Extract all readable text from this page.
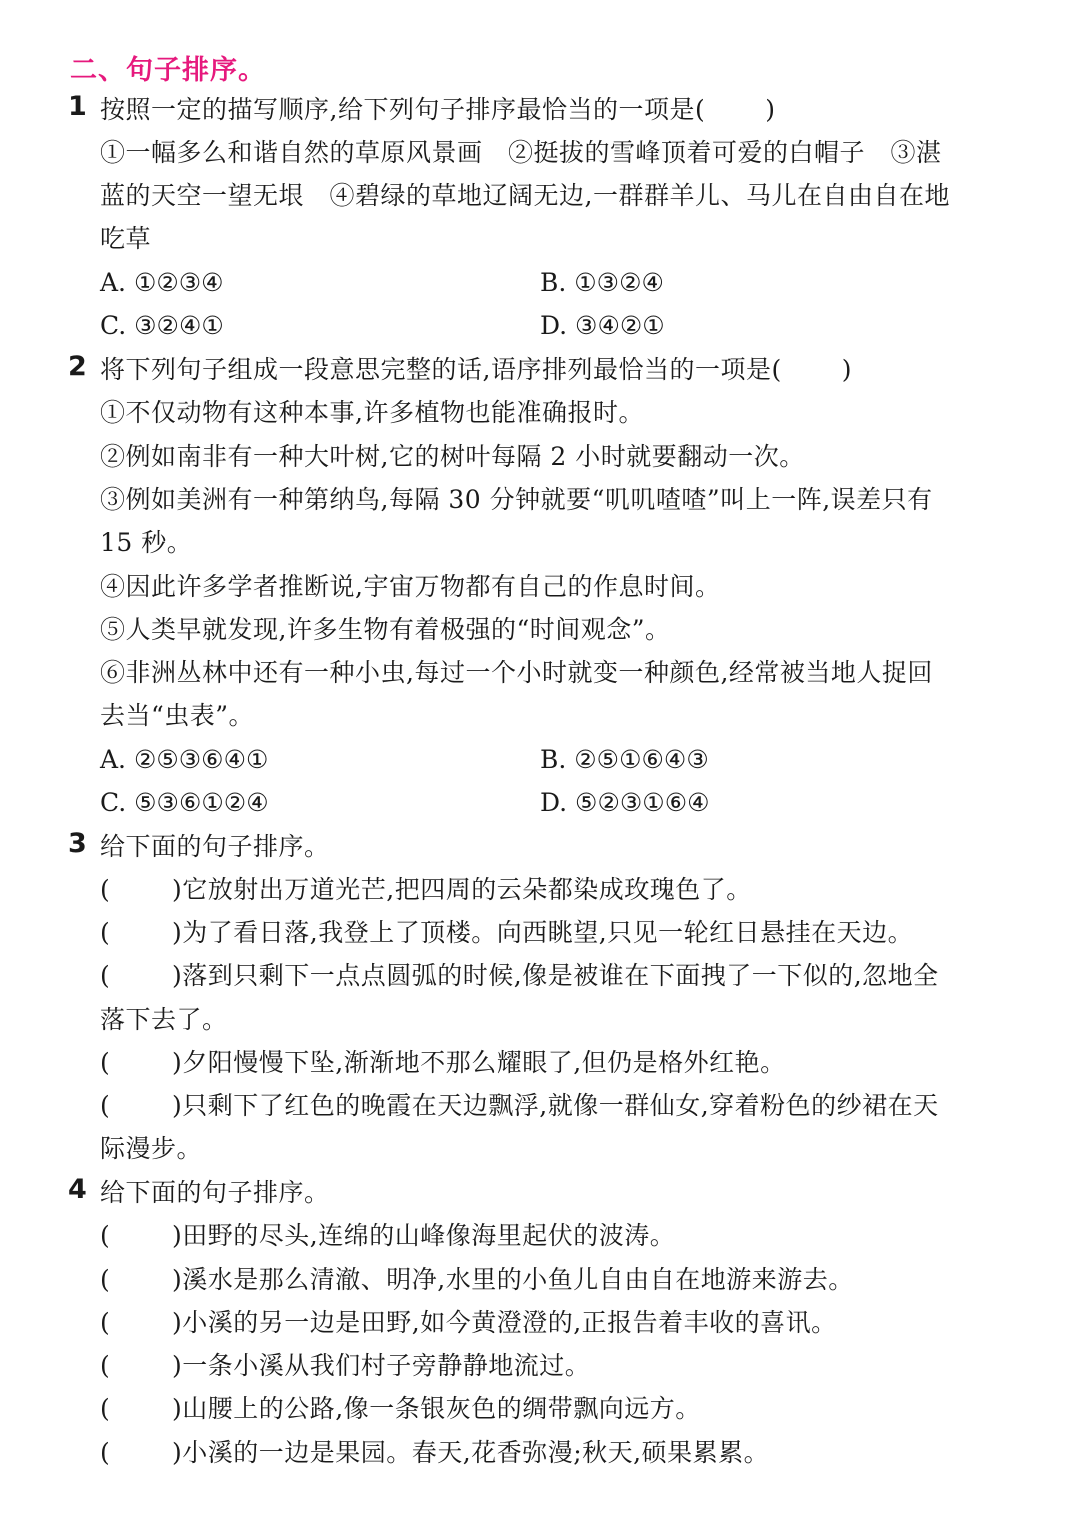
二、句子排序。
1 按照一定的描写顺序,给下列句子排序最恰当的一项是( )
①一幅多么和谐自然的草原风景画　②挺拔的雪峰顶着可爱的白帽子　③湛
蓝的天空一望无垠　④碧绿的草地辽阔无边,一群群羊儿、马儿在自由自在地
吃草
A. ①②③④	B. ①③②④
C. ③②④①	D. ③④②①
2 将下列句子组成一段意思完整的话,语序排列最恰当的一项是( )
①不仅动物有这种本事,许多植物也能准确报时。
②例如南非有一种大叶树,它的树叶每隔 2 小时就要翻动一次。
③例如美洲有一种第纳鸟,每隔 30 分钟就要“叽叽喳喳”叫上一阵,误差只有
15 秒。
④因此许多学者推断说,宇宙万物都有自己的作息时间。
⑤人类早就发现,许多生物有着极强的“时间观念”。
⑥非洲丛林中还有一种小虫,每过一个小时就变一种颜色,经常被当地人捉回
去当“虫表”。
A. ②⑤③⑥④①	B. ②⑤①⑥④③
C. ⑤③⑥①②④	D. ⑤②③①⑥④
3 给下面的句子排序。
( )它放射出万道光芒,把四周的云朵都染成玫瑰色了。
( )为了看日落,我登上了顶楼。向西眺望,只见一轮红日悬挂在天边。
( )落到只剩下一点点圆弧的时候,像是被谁在下面拽了一下似的,忽地全
落下去了。
( )夕阳慢慢下坠,渐渐地不那么耀眼了,但仍是格外红艳。
( )只剩下了红色的晚霞在天边飘浮,就像一群仙女,穿着粉色的纱裙在天
际漫步。
4 给下面的句子排序。
( )田野的尽头,连绵的山峰像海里起伏的波涛。
( )溪水是那么清澈、明净,水里的小鱼儿自由自在地游来游去。
( )小溪的另一边是田野,如今黄澄澄的,正报告着丰收的喜讯。
( )一条小溪从我们村子旁静静地流过。
( )山腰上的公路,像一条银灰色的绸带飘向远方。
( )小溪的一边是果园。春天,花香弥漫;秋天,硕果累累。
